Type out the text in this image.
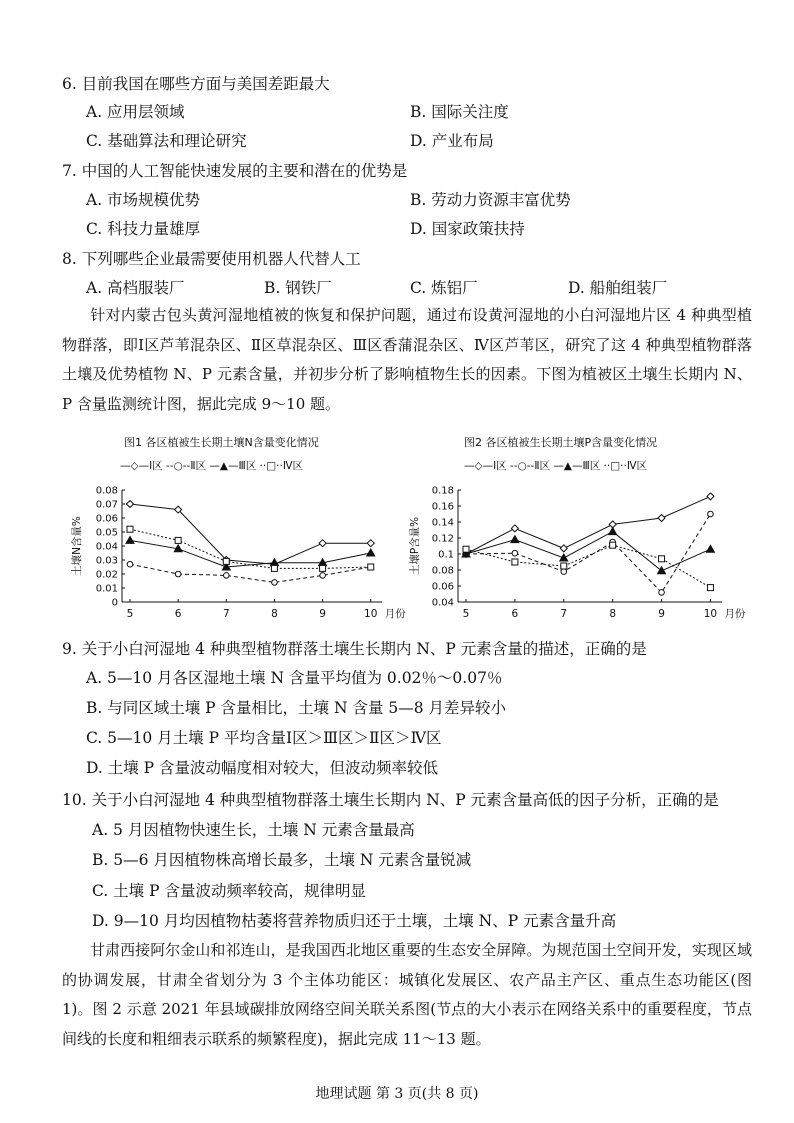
6. 目前我国在哪些方面与美国差距最大
A. 应用层领域	B. 国际关注度
C. 基础算法和理论研究	D. 产业布局
7. 中国的人工智能快速发展的主要和潜在的优势是
A. 市场规模优势	B. 劳动力资源丰富优势
C. 科技力量雄厚	D. 国家政策扶持
8. 下列哪些企业最需要使用机器人代替人工
A. 高档服装厂	B. 钢铁厂	C. 炼铝厂	D. 船舶组装厂
针对内蒙古包头黄河湿地植被的恢复和保护问题，通过布设黄河湿地的小白河湿地片区 4 种典型植物群落，即Ⅰ区芦苇混杂区、Ⅱ区草混杂区、Ⅲ区香蒲混杂区、Ⅳ区芦苇区，研究了这 4 种典型植物群落土壤及优势植物 N、P 元素含量，并初步分析了影响植物生长的因素。下图为植被区土壤生长期内 N、P 含量监测统计图，据此完成 9～10 题。
图1 各区植被生长期土壤N含量变化情况
—◇—Ⅰ区 --○--Ⅱ区 —▲—Ⅲ区 ··□··Ⅳ区
0
0.01
0.02
0.03
0.04
0.05
0.06
0.07
0.08
5	6	7	8	9	10 月份
土壤N含量%
图2 各区植被生长期土壤P含量变化情况
—◇—Ⅰ区 --○--Ⅱ区 —▲—Ⅲ区 ··□··Ⅳ区
0.04
0.06
0.08
0.1
0.12
0.14
0.16
0.18
5	6	7	8	9	10 月份
土壤P含量%
9. 关于小白河湿地 4 种典型植物群落土壤生长期内 N、P 元素含量的描述，正确的是
A. 5—10 月各区湿地土壤 N 含量平均值为 0.02％～0.07％
B. 与同区域土壤 P 含量相比，土壤 N 含量 5—8 月差异较小
C. 5—10 月土壤 P 平均含量Ⅰ区＞Ⅲ区＞Ⅱ区＞Ⅳ区
D. 土壤 P 含量波动幅度相对较大，但波动频率较低
10. 关于小白河湿地 4 种典型植物群落土壤生长期内 N、P 元素含量高低的因子分析，正确的是
A. 5 月因植物快速生长，土壤 N 元素含量最高
B. 5—6 月因植物株高增长最多，土壤 N 元素含量锐减
C. 土壤 P 含量波动频率较高，规律明显
D. 9—10 月均因植物枯萎将营养物质归还于土壤，土壤 N、P 元素含量升高
甘肃西接阿尔金山和祁连山，是我国西北地区重要的生态安全屏障。为规范国土空间开发，实现区域的协调发展，甘肃全省划分为 3 个主体功能区：城镇化发展区、农产品主产区、重点生态功能区(图 1)。图 2 示意 2021 年县域碳排放网络空间关联关系图(节点的大小表示在网络关系中的重要程度，节点间线的长度和粗细表示联系的频繁程度)，据此完成 11～13 题。
地理试题 第 3 页(共 8 页)
